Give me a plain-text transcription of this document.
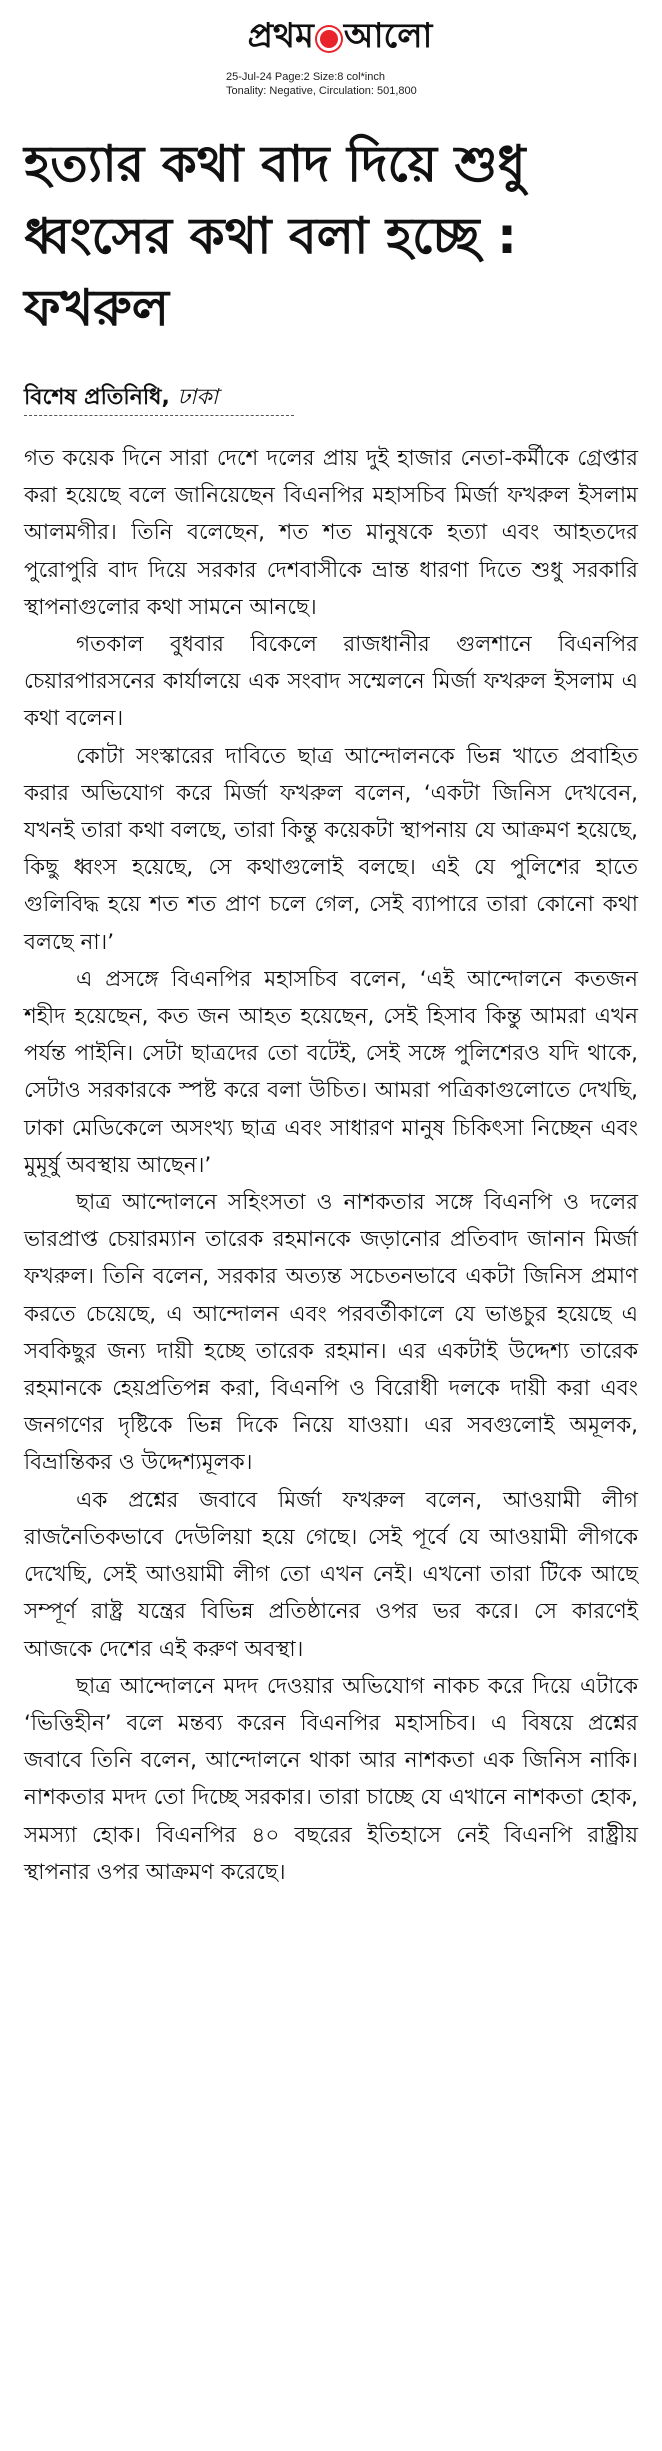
প্রথম আলো
25-Jul-24 Page:2 Size:8 col*inch
Tonality: Negative, Circulation: 501,800
হত্যার কথা বাদ দিয়ে শুধু ধ্বংসের কথা বলা হচ্ছে : ফখরুল
বিশেষ প্রতিনিধি, ঢাকা

গত কয়েক দিনে সারা দেশে দলের প্রায় দুই হাজার নেতা-কর্মীকে গ্রেপ্তার করা হয়েছে বলে জানিয়েছেন বিএনপির মহাসচিব মির্জা ফখরুল ইসলাম আলমগীর। তিনি বলেছেন, শত শত মানুষকে হত্যা এবং আহতদের পুরোপুরি বাদ দিয়ে সরকার দেশবাসীকে ভ্রান্ত ধারণা দিতে শুধু সরকারি স্থাপনাগুলোর কথা সামনে আনছে।

গতকাল বুধবার বিকেলে রাজধানীর গুলশানে বিএনপির চেয়ারপারসনের কার্যালয়ে এক সংবাদ সম্মেলনে মির্জা ফখরুল ইসলাম এ কথা বলেন।

কোটা সংস্কারের দাবিতে ছাত্র আন্দোলনকে ভিন্ন খাতে প্রবাহিত করার অভিযোগ করে মির্জা ফখরুল বলেন, ‘একটা জিনিস দেখবেন, যখনই তারা কথা বলছে, তারা কিন্তু কয়েকটা স্থাপনায় যে আক্রমণ হয়েছে, কিছু ধ্বংস হয়েছে, সে কথাগুলোই বলছে। এই যে পুলিশের হাতে গুলিবিদ্ধ হয়ে শত শত প্রাণ চলে গেল, সেই ব্যাপারে তারা কোনো কথা বলছে না।’

এ প্রসঙ্গে বিএনপির মহাসচিব বলেন, ‘এই আন্দোলনে কতজন শহীদ হয়েছেন, কত জন আহত হয়েছেন, সেই হিসাব কিন্তু আমরা এখন পর্যন্ত পাইনি। সেটা ছাত্রদের তো বটেই, সেই সঙ্গে পুলিশেরও যদি থাকে, সেটাও সরকারকে স্পষ্ট করে বলা উচিত। আমরা পত্রিকাগুলোতে দেখছি, ঢাকা মেডিকেলে অসংখ্য ছাত্র এবং সাধারণ মানুষ চিকিৎসা নিচ্ছেন এবং মুমূর্ষু অবস্থায় আছেন।’

ছাত্র আন্দোলনে সহিংসতা ও নাশকতার সঙ্গে বিএনপি ও দলের ভারপ্রাপ্ত চেয়ারম্যান তারেক রহমানকে জড়ানোর প্রতিবাদ জানান মির্জা ফখরুল। তিনি বলেন, সরকার অত্যন্ত সচেতনভাবে একটা জিনিস প্রমাণ করতে চেয়েছে, এ আন্দোলন এবং পরবর্তীকালে যে ভাঙচুর হয়েছে এ সবকিছুর জন্য দায়ী হচ্ছে তারেক রহমান। এর একটাই উদ্দেশ্য তারেক রহমানকে হেয়প্রতিপন্ন করা, বিএনপি ও বিরোধী দলকে দায়ী করা এবং জনগণের দৃষ্টিকে ভিন্ন দিকে নিয়ে যাওয়া। এর সবগুলোই অমূলক, বিভ্রান্তিকর ও উদ্দেশ্যমূলক।

এক প্রশ্নের জবাবে মির্জা ফখরুল বলেন, আওয়ামী লীগ রাজনৈতিকভাবে দেউলিয়া হয়ে গেছে। সেই পূর্বে যে আওয়ামী লীগকে দেখেছি, সেই আওয়ামী লীগ তো এখন নেই। এখনো তারা টিকে আছে সম্পূর্ণ রাষ্ট্র যন্ত্রের বিভিন্ন প্রতিষ্ঠানের ওপর ভর করে। সে কারণেই আজকে দেশের এই করুণ অবস্থা।

ছাত্র আন্দোলনে মদদ দেওয়ার অভিযোগ নাকচ করে দিয়ে এটাকে ‘ভিত্তিহীন’ বলে মন্তব্য করেন বিএনপির মহাসচিব। এ বিষয়ে প্রশ্নের জবাবে তিনি বলেন, আন্দোলনে থাকা আর নাশকতা এক জিনিস নাকি। নাশকতার মদদ তো দিচ্ছে সরকার। তারা চাচ্ছে যে এখানে নাশকতা হোক, সমস্যা হোক। বিএনপির ৪০ বছরের ইতিহাসে নেই বিএনপি রাষ্ট্রীয় স্থাপনার ওপর আক্রমণ করেছে।
